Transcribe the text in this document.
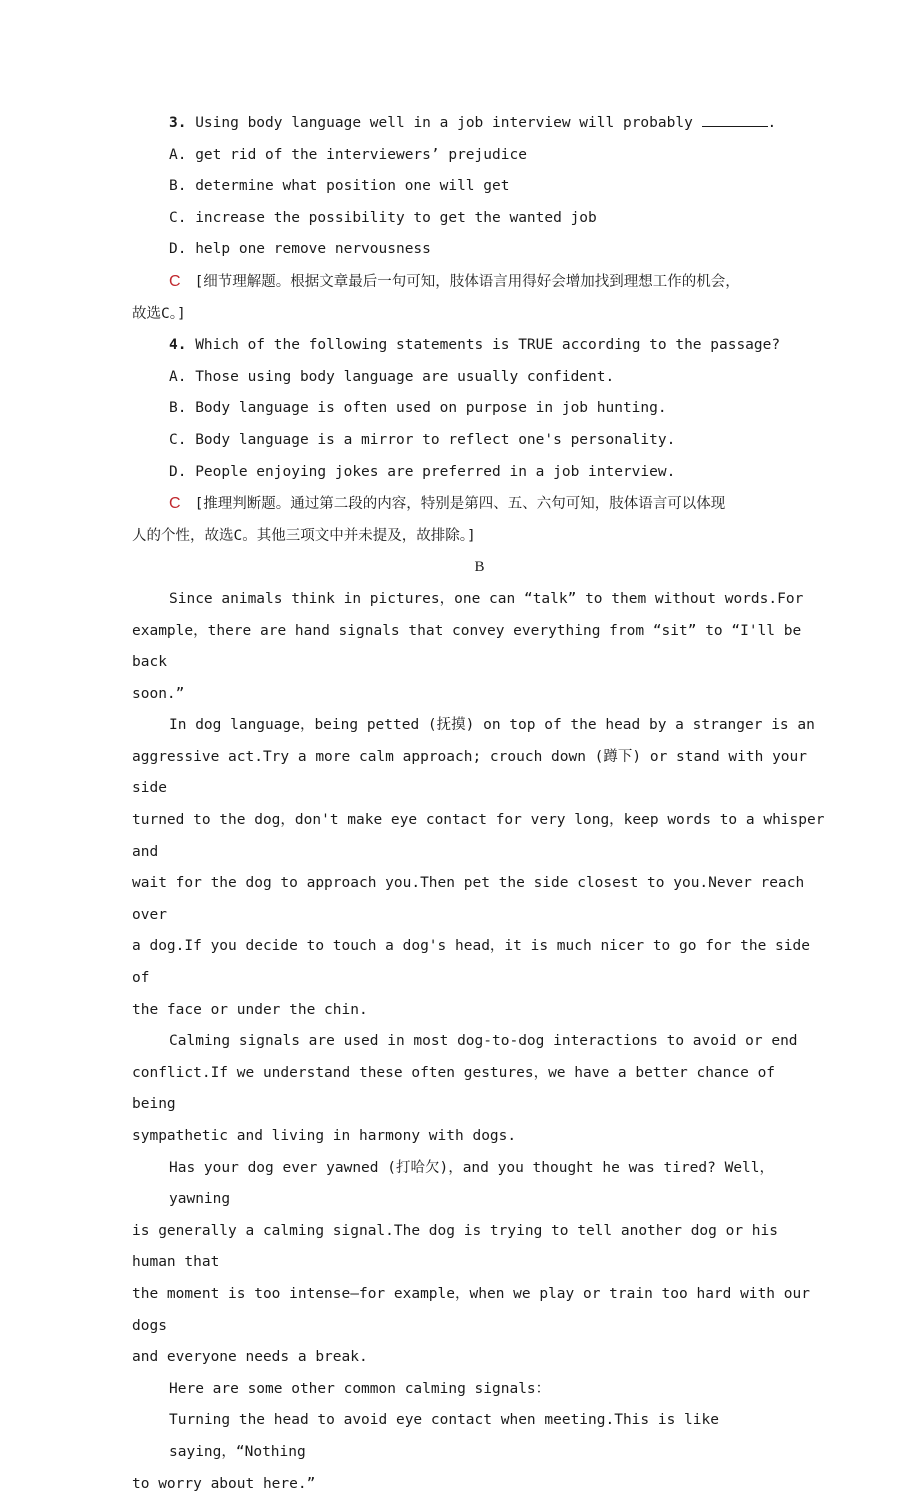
3. Using body language well in a job interview will probably	.

A. get rid of the interviewers’ prejudice

B. determine what position one will get

C. increase the possibility to get the wanted job

D. help one remove nervousness

C [细节理解题。根据文章最后一句可知，肢体语言用得好会增加找到理想工作的机会，

故选C。]

4. Which of the following statements is TRUE according to the passage?

A. Those using body language are usually confident.

B. Body language is often used on purpose in job hunting.

C. Body language is a mirror to reflect one's personality.

D. People enjoying jokes are preferred in a job interview.

C [推理判断题。通过第二段的内容，特别是第四、五、六句可知，肢体语言可以体现

人的个性，故选C。其他三项文中并未提及，故排除。]

B

Since animals think in pictures，one can “talk” to them without words.For

example，there are hand signals that convey everything from “sit” to “I'll be back

soon.”

In dog language，being petted (抚摸) on top of the head by a stranger is an

aggressive act.Try a more calm approach; crouch down (蹲下) or stand with your side

turned to the dog，don't make eye contact for very long，keep words to a whisper and

wait for the dog to approach you.Then pet the side closest to you.Never reach over

a dog.If you decide to touch a dog's head，it is much nicer to go for the side of

the face or under the chin.

Calming signals are used in most dog-to-dog interactions to avoid or end

conflict.If we understand these often gestures，we have a better chance of being

sympathetic and living in harmony with dogs.

Has your dog ever yawned (打哈欠)，and you thought he was tired? Well，yawning

is generally a calming signal.The dog is trying to tell another dog or his human that

the moment is too intense—for example，when we play or train too hard with our dogs

and everyone needs a break.

Here are some other common calming signals：

Turning the head to avoid eye contact when meeting.This is like saying，“Nothing

to worry about here.”
